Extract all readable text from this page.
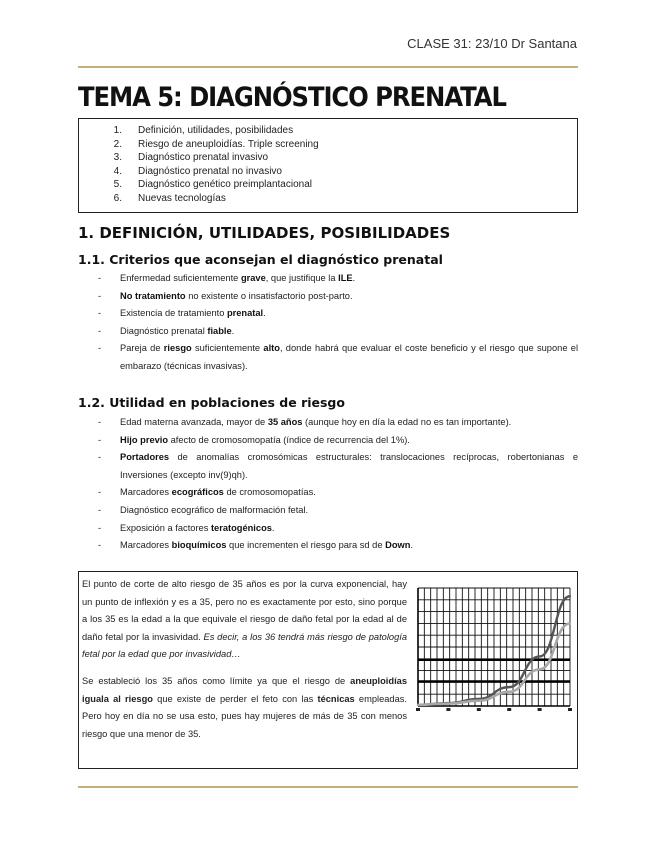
CLASE 31: 23/10 Dr Santana
TEMA 5: DIAGNÓSTICO PRENATAL
1.	Definición, utilidades, posibilidades
2.	Riesgo de aneuploidías. Triple screening
3.	Diagnóstico prenatal invasivo
4.	Diagnóstico prenatal no invasivo
5.	Diagnóstico genético preimplantacional
6.	Nuevas tecnologías
1. DEFINICIÓN, UTILIDADES, POSIBILIDADES
1.1. Criterios que aconsejan el diagnóstico prenatal
- Enfermedad suficientemente grave, que justifique la ILE.
- No tratamiento no existente o insatisfactorio post-parto.
- Existencia de tratamiento prenatal.
- Diagnóstico prenatal fiable.
- Pareja de riesgo suficientemente alto, donde habrá que evaluar el coste beneficio y el riesgo que supone el embarazo (técnicas invasivas).
1.2. Utilidad en poblaciones de riesgo
- Edad materna avanzada, mayor de 35 años (aunque hoy en día la edad no es tan importante).
- Hijo previo afecto de cromosomopatía (índice de recurrencia del 1%).
- Portadores de anomalías cromosómicas estructurales: translocaciones recíprocas, robertonianas e Inversiones (excepto inv(9)qh).
- Marcadores ecográficos de cromosomopatías.
- Diagnóstico ecográfico de malformación fetal.
- Exposición a factores teratogénicos.
- Marcadores bioquímicos que incrementen el riesgo para sd de Down.

El punto de corte de alto riesgo de 35 años es por la curva exponencial, hay un punto de inflexión y es a 35, pero no es exactamente por esto, sino porque a los 35 es la edad a la que equivale el riesgo de daño fetal por la edad al de daño fetal por la invasividad. Es decir, a los 36 tendrá más riesgo de patología fetal por la edad que por invasividad…

Se estableció los 35 años como límite ya que el riesgo de aneuploidías iguala al riesgo que existe de perder el feto con las técnicas empleadas. Pero hoy en día no se usa esto, pues hay mujeres de más de 35 con menos riesgo que una menor de 35.
